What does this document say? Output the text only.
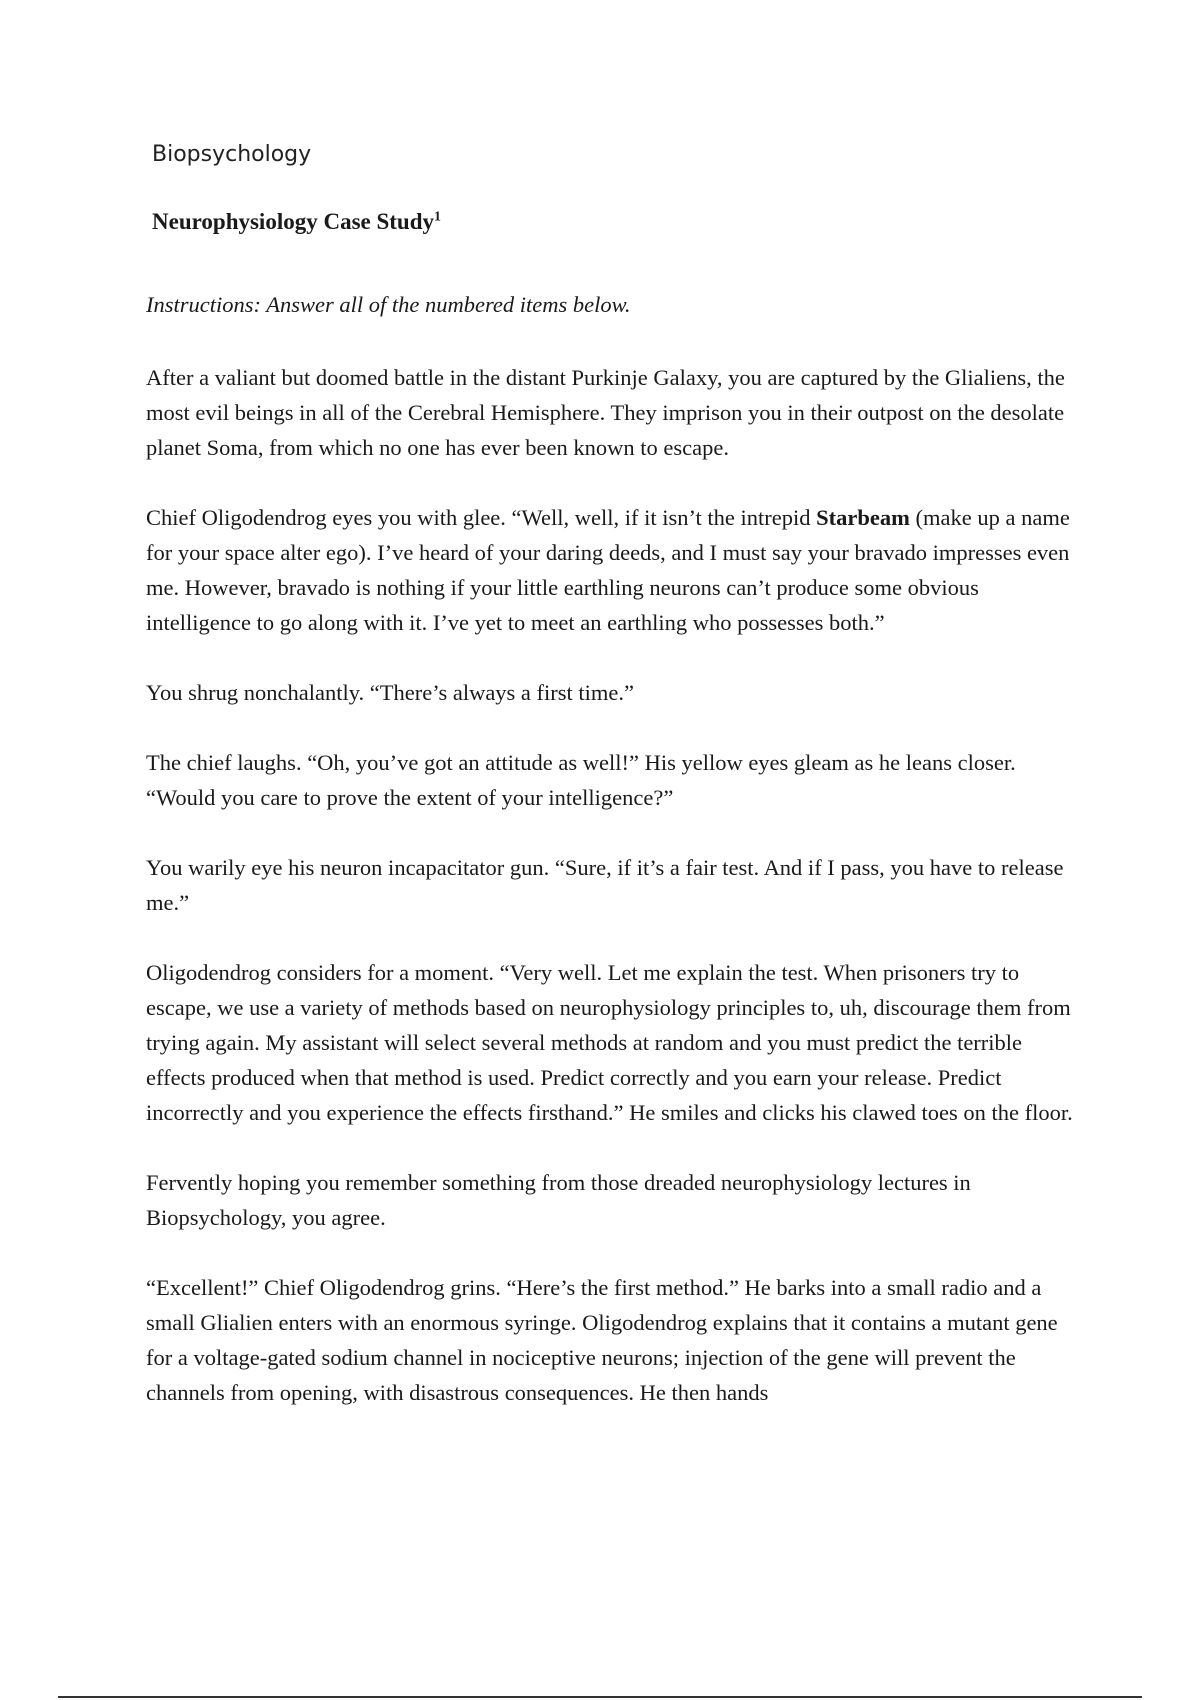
Biopsychology

Neurophysiology Case Study$^1$

Instructions: Answer all of the numbered items below.

After a valiant but doomed battle in the distant Purkinje Galaxy, you are captured by the Glialiens, the most evil beings in all of the Cerebral Hemisphere. They imprison you in their outpost on the desolate planet Soma, from which no one has ever been known to escape.

Chief Oligodendrog eyes you with glee. “Well, well, if it isn’t the intrepid Starbeam (make up a name for your space alter ego). I’ve heard of your daring deeds, and I must say your bravado impresses even me. However, bravado is nothing if your little earthling neurons can’t produce some obvious intelligence to go along with it. I’ve yet to meet an earthling who possesses both.”

You shrug nonchalantly. “There’s always a first time.”

The chief laughs. “Oh, you’ve got an attitude as well!” His yellow eyes gleam as he leans closer. “Would you care to prove the extent of your intelligence?”

You warily eye his neuron incapacitator gun. “Sure, if it’s a fair test. And if I pass, you have to release me.”

Oligodendrog considers for a moment. “Very well. Let me explain the test. When prisoners try to escape, we use a variety of methods based on neurophysiology principles to, uh, discourage them from trying again. My assistant will select several methods at random and you must predict the terrible effects produced when that method is used. Predict correctly and you earn your release. Predict incorrectly and you experience the effects firsthand.” He smiles and clicks his clawed toes on the floor.

Fervently hoping you remember something from those dreaded neurophysiology lectures in Biopsychology, you agree.

“Excellent!” Chief Oligodendrog grins. “Here’s the first method.” He barks into a small radio and a small Glialien enters with an enormous syringe. Oligodendrog explains that it contains a mutant gene for a voltage-gated sodium channel in nociceptive neurons; injection of the gene will prevent the channels from opening, with disastrous consequences. He then hands
